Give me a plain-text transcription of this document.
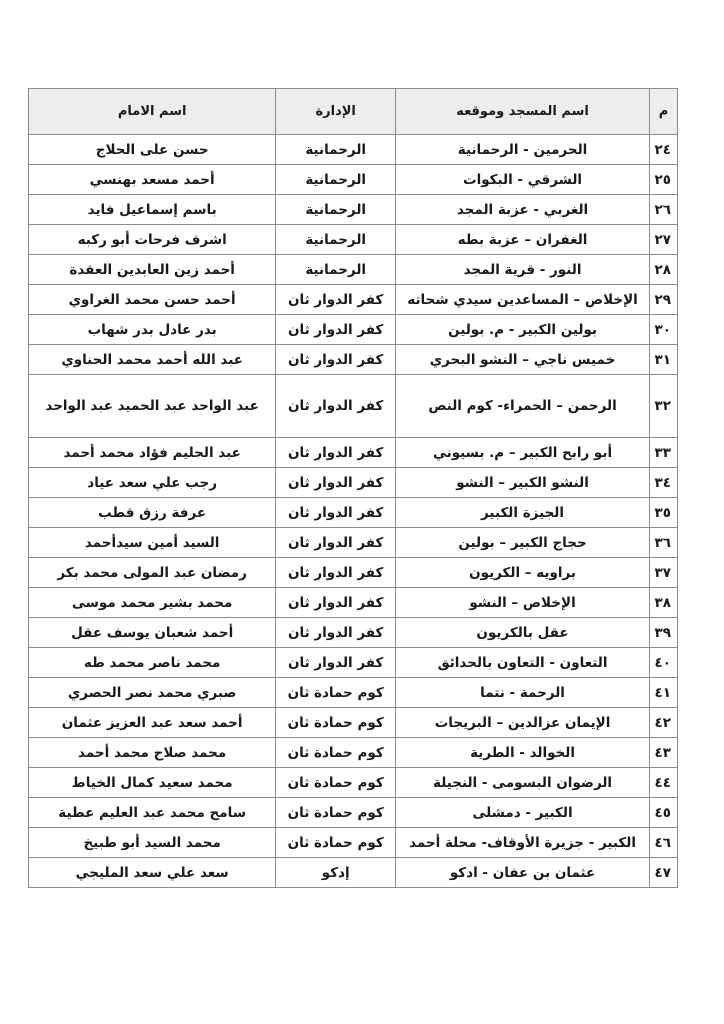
م	اسم المسجد وموقعه	الإدارة	اسم الامام
٢٤	الحرمين - الرحمانية	الرحمانية	حسن على الحلاج
٢٥	الشرقي - البكوات	الرحمانية	أحمد مسعد بهنسي
٢٦	الغربي - عزبة المجد	الرحمانية	باسم إسماعيل فايد
٢٧	الغفران – عزبة بطه	الرحمانية	اشرف فرحات أبو ركبه
٢٨	النور - قرية المجد	الرحمانية	أحمد زين العابدين العقدة
٢٩	الإخلاص – المساعدين سيدي شحاته	كفر الدوار ثان	أحمد حسن محمد الغراوي
٣٠	بولين الكبير - م. بولين	كفر الدوار ثان	بدر عادل بدر شهاب
٣١	خميس ناجي – النشو البحري	كفر الدوار ثان	عبد الله أحمد محمد الحناوي
٣٢	الرحمن – الحمراء- كوم النص	كفر الدوار ثان	عبد الواحد عبد الحميد عبد الواحد
٣٣	أبو رابح الكبير – م. بسيوني	كفر الدوار ثان	عبد الحليم فؤاد محمد أحمد
٣٤	النشو الكبير – النشو	كفر الدوار ثان	رجب علي سعد عياد
٣٥	الجيزة الكبير	كفر الدوار ثان	عرفة رزق قطب
٣٦	حجاج الكبير – بولين	كفر الدوار ثان	السيد أمين سيدأحمد
٣٧	براويه – الكريون	كفر الدوار ثان	رمضان عبد المولى محمد بكر
٣٨	الإخلاص – النشو	كفر الدوار ثان	محمد بشير محمد موسى
٣٩	عقل بالكريون	كفر الدوار ثان	أحمد شعبان يوسف عقل
٤٠	التعاون - التعاون بالحدائق	كفر الدوار ثان	محمد ناصر محمد طه
٤١	الرحمة - نتما	كوم حمادة ثان	صبري محمد نصر الحصري
٤٢	الإيمان عزالدين – البريجات	كوم حمادة ثان	أحمد سعد عبد العزيز عثمان
٤٣	الخوالد - الطرية	كوم حمادة ثان	محمد صلاح محمد أحمد
٤٤	الرضوان البسومى - النجيلة	كوم حمادة ثان	محمد سعيد كمال الخياط
٤٥	الكبير - دمشلى	كوم حمادة ثان	سامح محمد عبد العليم عطية
٤٦	الكبير - جزيرة الأوقاف- محلة أحمد	كوم حمادة ثان	محمد السيد أبو طبيخ
٤٧	عثمان بن عفان - ادكو	إدكو	سعد علي سعد المليجي
